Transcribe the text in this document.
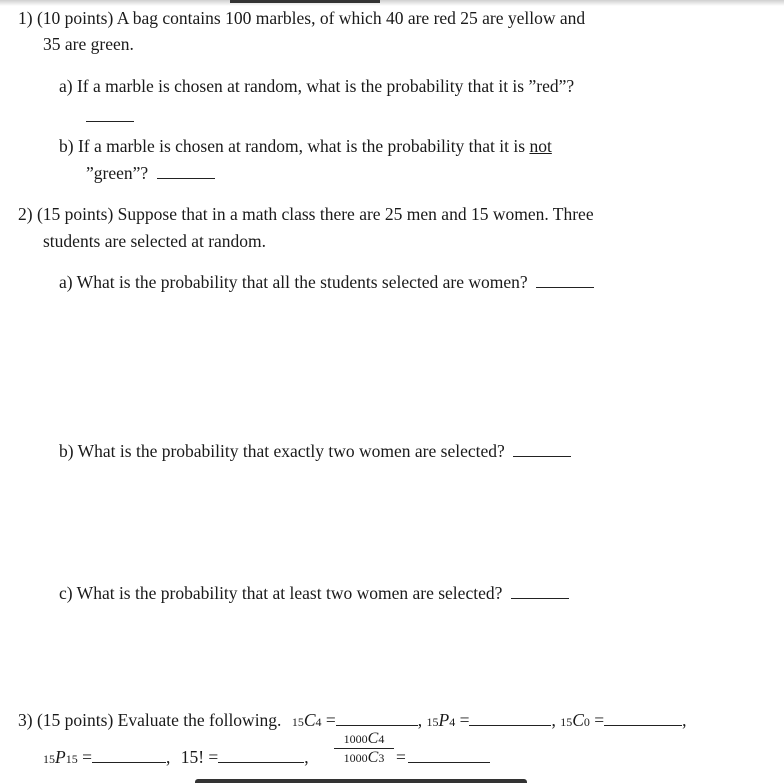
1) (10 points) A bag contains 100 marbles, of which 40 are red 25 are yellow and
35 are green.
a) If a marble is chosen at random, what is the probability that it is ”red”?
b) If a marble is chosen at random, what is the probability that it is not
”green”?
2) (15 points) Suppose that in a math class there are 25 men and 15 women. Three
students are selected at random.
a) What is the probability that all the students selected are women?
b) What is the probability that exactly two women are selected?
c) What is the probability that at least two women are selected?
3) (15 points) Evaluate the following. 15C4 =	, 15P4 =	, 15C0 =	,
15P15 =	, 15! =	, $\frac{1000C4}{1000C3}$ =
